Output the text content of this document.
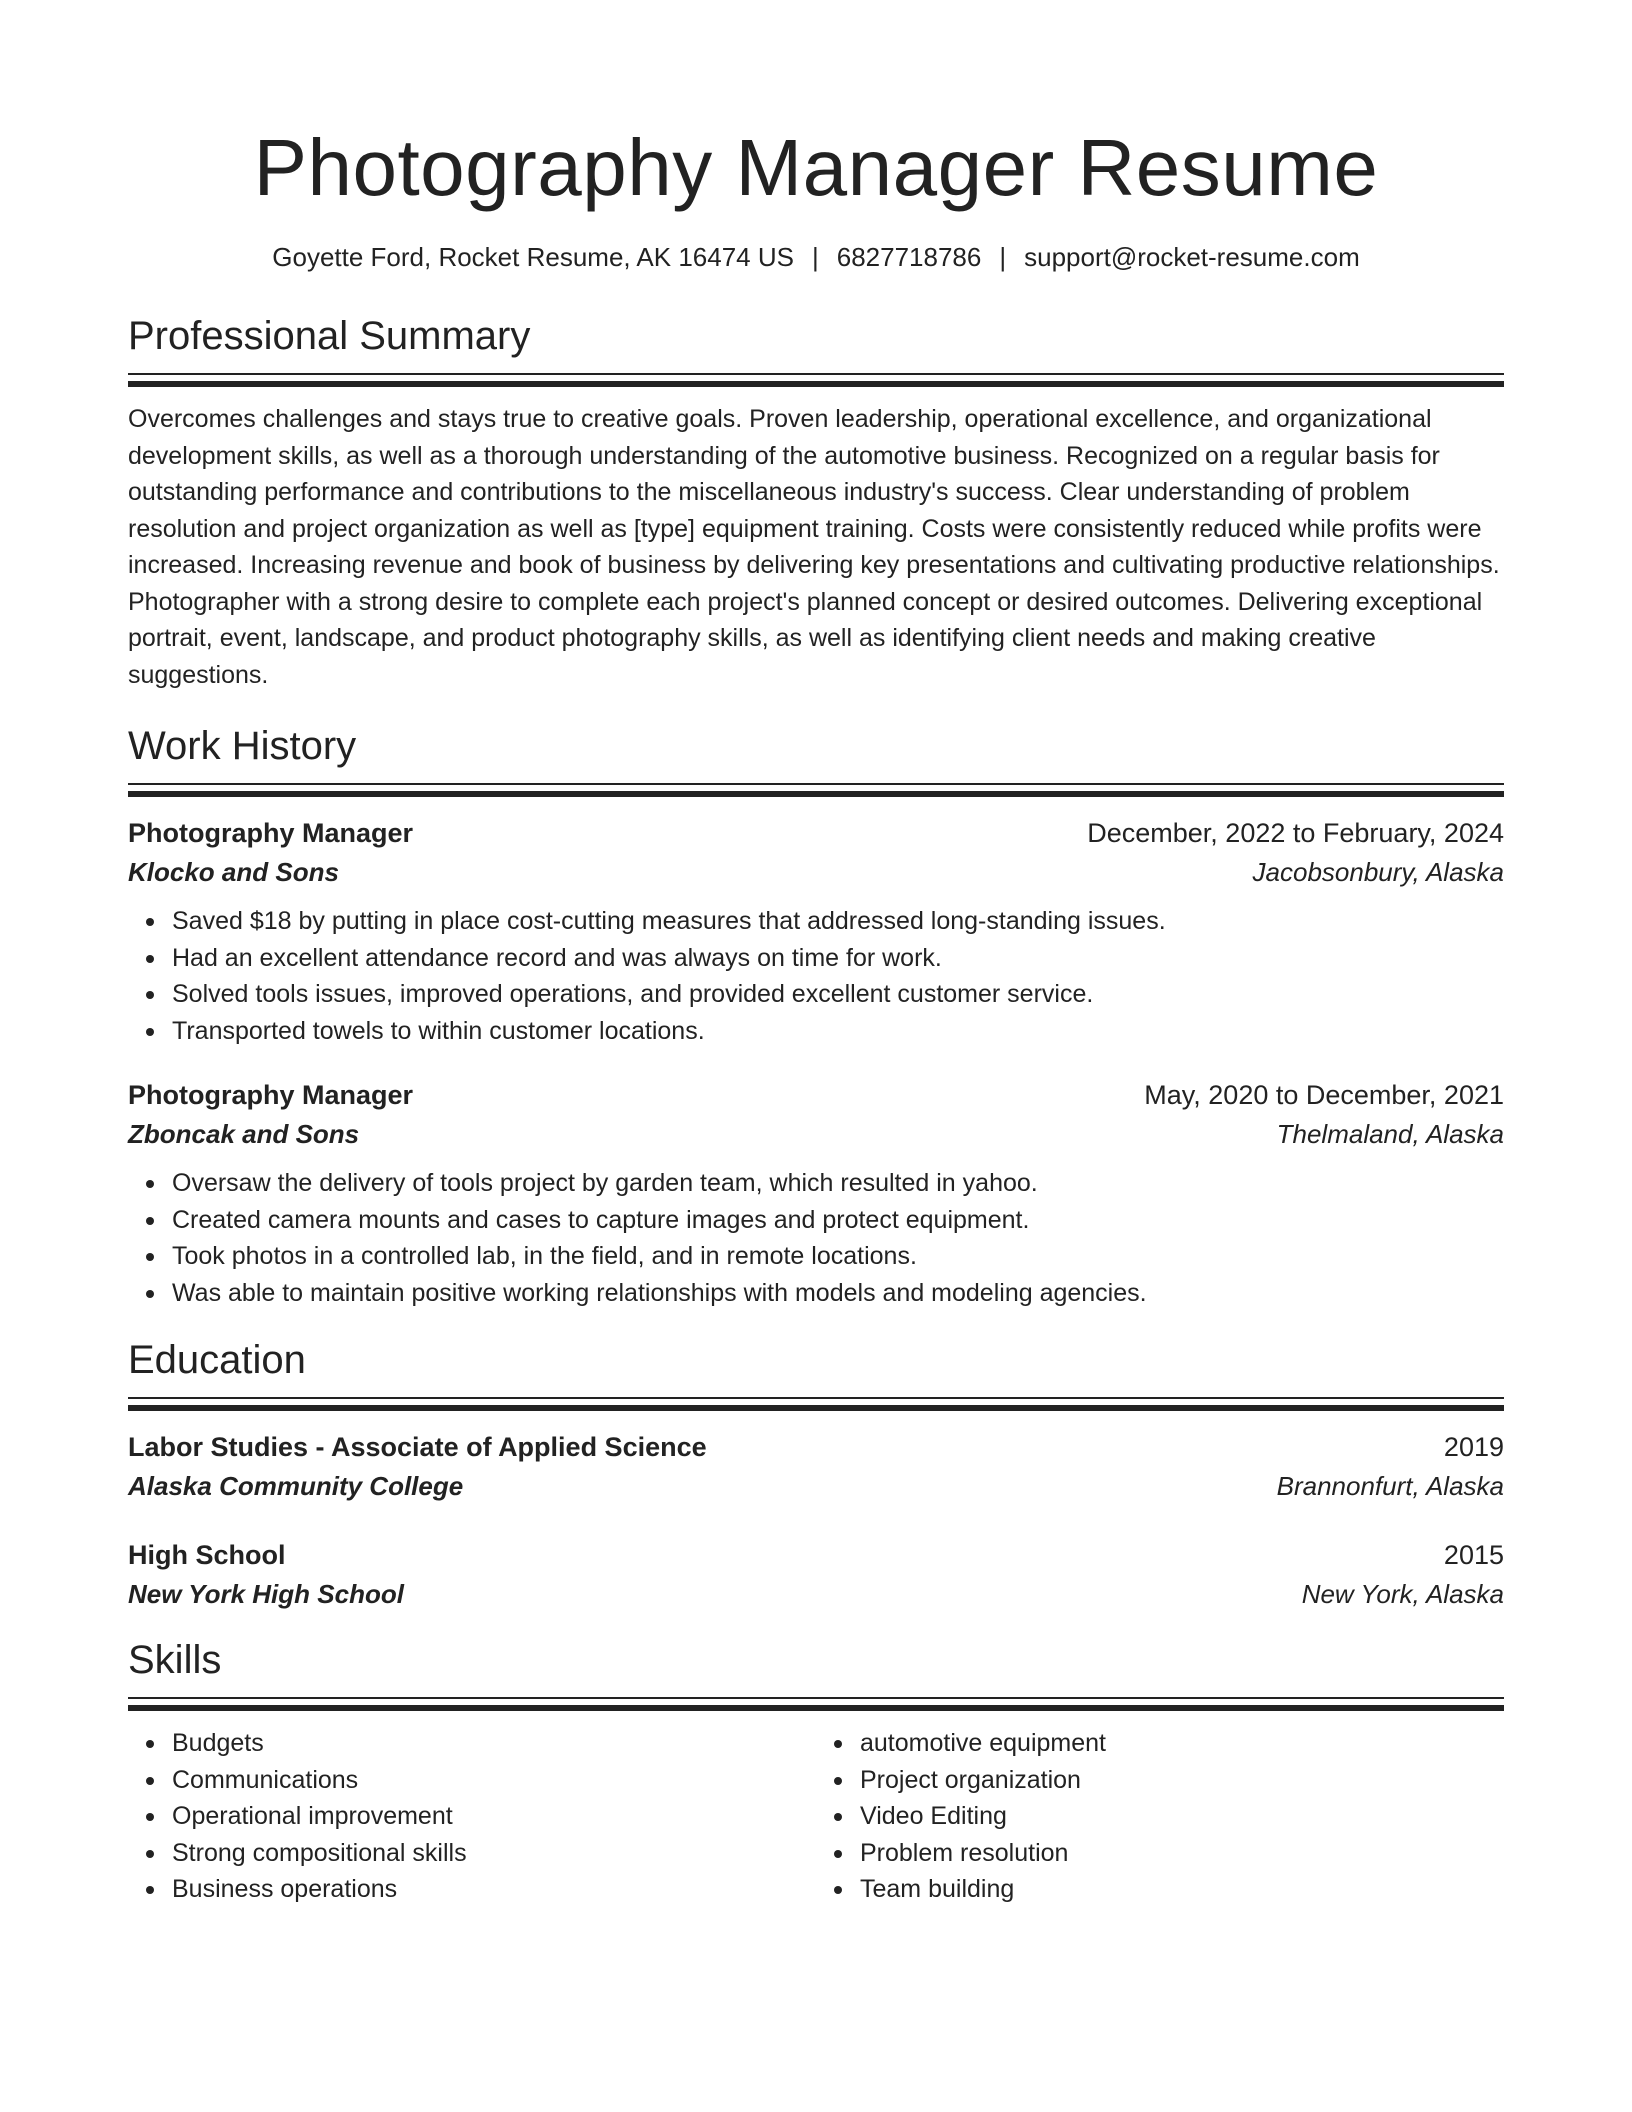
Photography Manager Resume
Goyette Ford, Rocket Resume, AK 16474 US | 6827718786 | support@rocket-resume.com
Professional Summary

Overcomes challenges and stays true to creative goals. Proven leadership, operational excellence, and organizational development skills, as well as a thorough understanding of the automotive business. Recognized on a regular basis for outstanding performance and contributions to the miscellaneous industry's success. Clear understanding of problem resolution and project organization as well as [type] equipment training. Costs were consistently reduced while profits were increased. Increasing revenue and book of business by delivering key presentations and cultivating productive relationships. Photographer with a strong desire to complete each project's planned concept or desired outcomes. Delivering exceptional portrait, event, landscape, and product photography skills, as well as identifying client needs and making creative suggestions.

Work History
Photography Manager	December, 2022 to February, 2024
Klocko and Sons	Jacobsonbury, Alaska
Saved $18 by putting in place cost-cutting measures that addressed long-standing issues.
Had an excellent attendance record and was always on time for work.
Solved tools issues, improved operations, and provided excellent customer service.
Transported towels to within customer locations.
Photography Manager	May, 2020 to December, 2021
Zboncak and Sons	Thelmaland, Alaska
Oversaw the delivery of tools project by garden team, which resulted in yahoo.
Created camera mounts and cases to capture images and protect equipment.
Took photos in a controlled lab, in the field, and in remote locations.
Was able to maintain positive working relationships with models and modeling agencies.
Education
Labor Studies - Associate of Applied Science	2019
Alaska Community College	Brannonfurt, Alaska
High School	2015
New York High School	New York, Alaska
Skills
Budgets
Communications
Operational improvement
Strong compositional skills
Business operations
automotive equipment
Project organization
Video Editing
Problem resolution
Team building
